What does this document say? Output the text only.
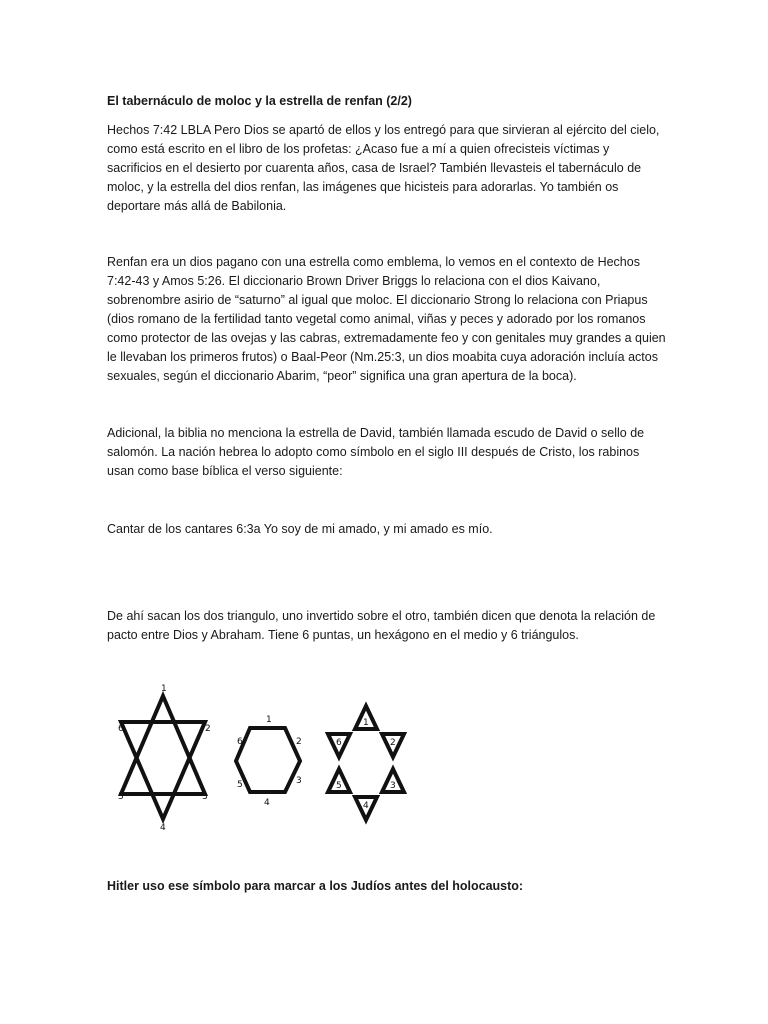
El tabernáculo de moloc y la estrella de renfan (2/2)

Hechos 7:42 LBLA Pero Dios se apartó de ellos y los entregó para que sirvieran al ejército del cielo, como está escrito en el libro de los profetas: ¿Acaso fue a mí a quien ofrecisteis víctimas y sacrificios en el desierto por cuarenta años, casa de Israel? También llevasteis el tabernáculo de moloc, y la estrella del dios renfan, las imágenes que hicisteis para adorarlas. Yo también os deportare más allá de Babilonia.

Renfan era un dios pagano con una estrella como emblema, lo vemos en el contexto de Hechos 7:42-43 y Amos 5:26. El diccionario Brown Driver Briggs lo relaciona con el dios Kaivano, sobrenombre asirio de “saturno” al igual que moloc. El diccionario Strong lo relaciona con Priapus (dios romano de la fertilidad tanto vegetal como animal, viñas y peces y adorado por los romanos como protector de las ovejas y las cabras, extremadamente feo y con genitales muy grandes a quien le llevaban los primeros frutos) o Baal-Peor (Nm.25:3, un dios moabita cuya adoración incluía actos sexuales, según el diccionario Abarim, “peor” significa una gran apertura de la boca).

Adicional, la biblia no menciona la estrella de David, también llamada escudo de David o sello de salomón. La nación hebrea lo adopto como símbolo en el siglo III después de Cristo, los rabinos usan como base bíblica el verso siguiente:

Cantar de los cantares 6:3a Yo soy de mi amado, y mi amado es mío.

De ahí sacan los dos triangulo, uno invertido sobre el otro, también dicen que denota la relación de pacto entre Dios y Abraham. Tiene 6 puntas, un hexágono en el medio y 6 triángulos.

1
2
3
4
5
6
1
2
3
4
5
6
1
2
3
4
5
6

Hitler uso ese símbolo para marcar a los Judíos antes del holocausto:
